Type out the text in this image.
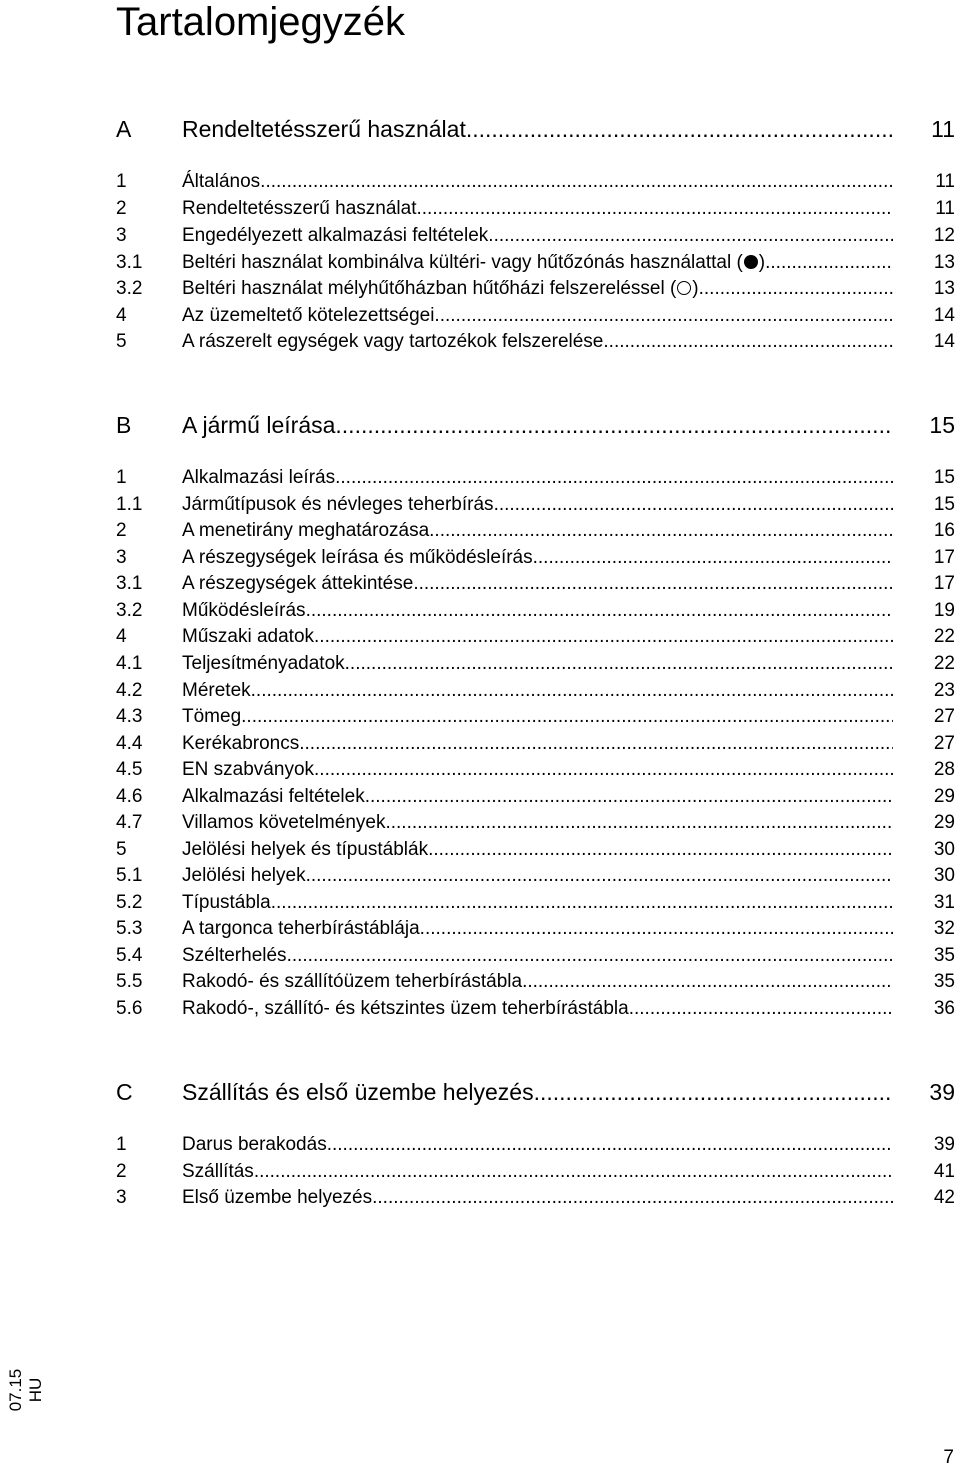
Tartalomjegyzék
A	Rendeltetésszerű használat .....	11
1	Általános .....	11
2	Rendeltetésszerű használat .....	11
3	Engedélyezett alkalmazási feltételek .....	12
3.1	Beltéri használat kombinálva kültéri- vagy hűtőzónás használattal ( ). .....	13
3.2	Beltéri használat mélyhűtőházban hűtőházi felszereléssel ( ) .....	13
4	Az üzemeltető kötelezettségei .....	14
5	A rászerelt egységek vagy tartozékok felszerelése .....	14
B	A jármű leírása .....	15
1	Alkalmazási leírás .....	15
1.1	Járműtípusok és névleges teherbírás .....	15
2	A menetirány meghatározása .....	16
3	A részegységek leírása és működésleírás .....	17
3.1	A részegységek áttekintése .....	17
3.2	Működésleírás .....	19
4	Műszaki adatok .....	22
4.1	Teljesítményadatok .....	22
4.2	Méretek .....	23
4.3	Tömeg .....	27
4.4	Kerékabroncs .....	27
4.5	EN szabványok .....	28
4.6	Alkalmazási feltételek .....	29
4.7	Villamos követelmények .....	29
5	Jelölési helyek és típustáblák .....	30
5.1	Jelölési helyek .....	30
5.2	Típustábla .....	31
5.3	A targonca teherbírástáblája .....	32
5.4	Szélterhelés .....	35
5.5	Rakodó- és szállítóüzem teherbírástábla .....	35
5.6	Rakodó-, szállító- és kétszintes üzem teherbírástábla .....	36
C	Szállítás és első üzembe helyezés .....	39
1	Darus berakodás .....	39
2	Szállítás .....	41
3	Első üzembe helyezés .....	42
07.15 HU
7
